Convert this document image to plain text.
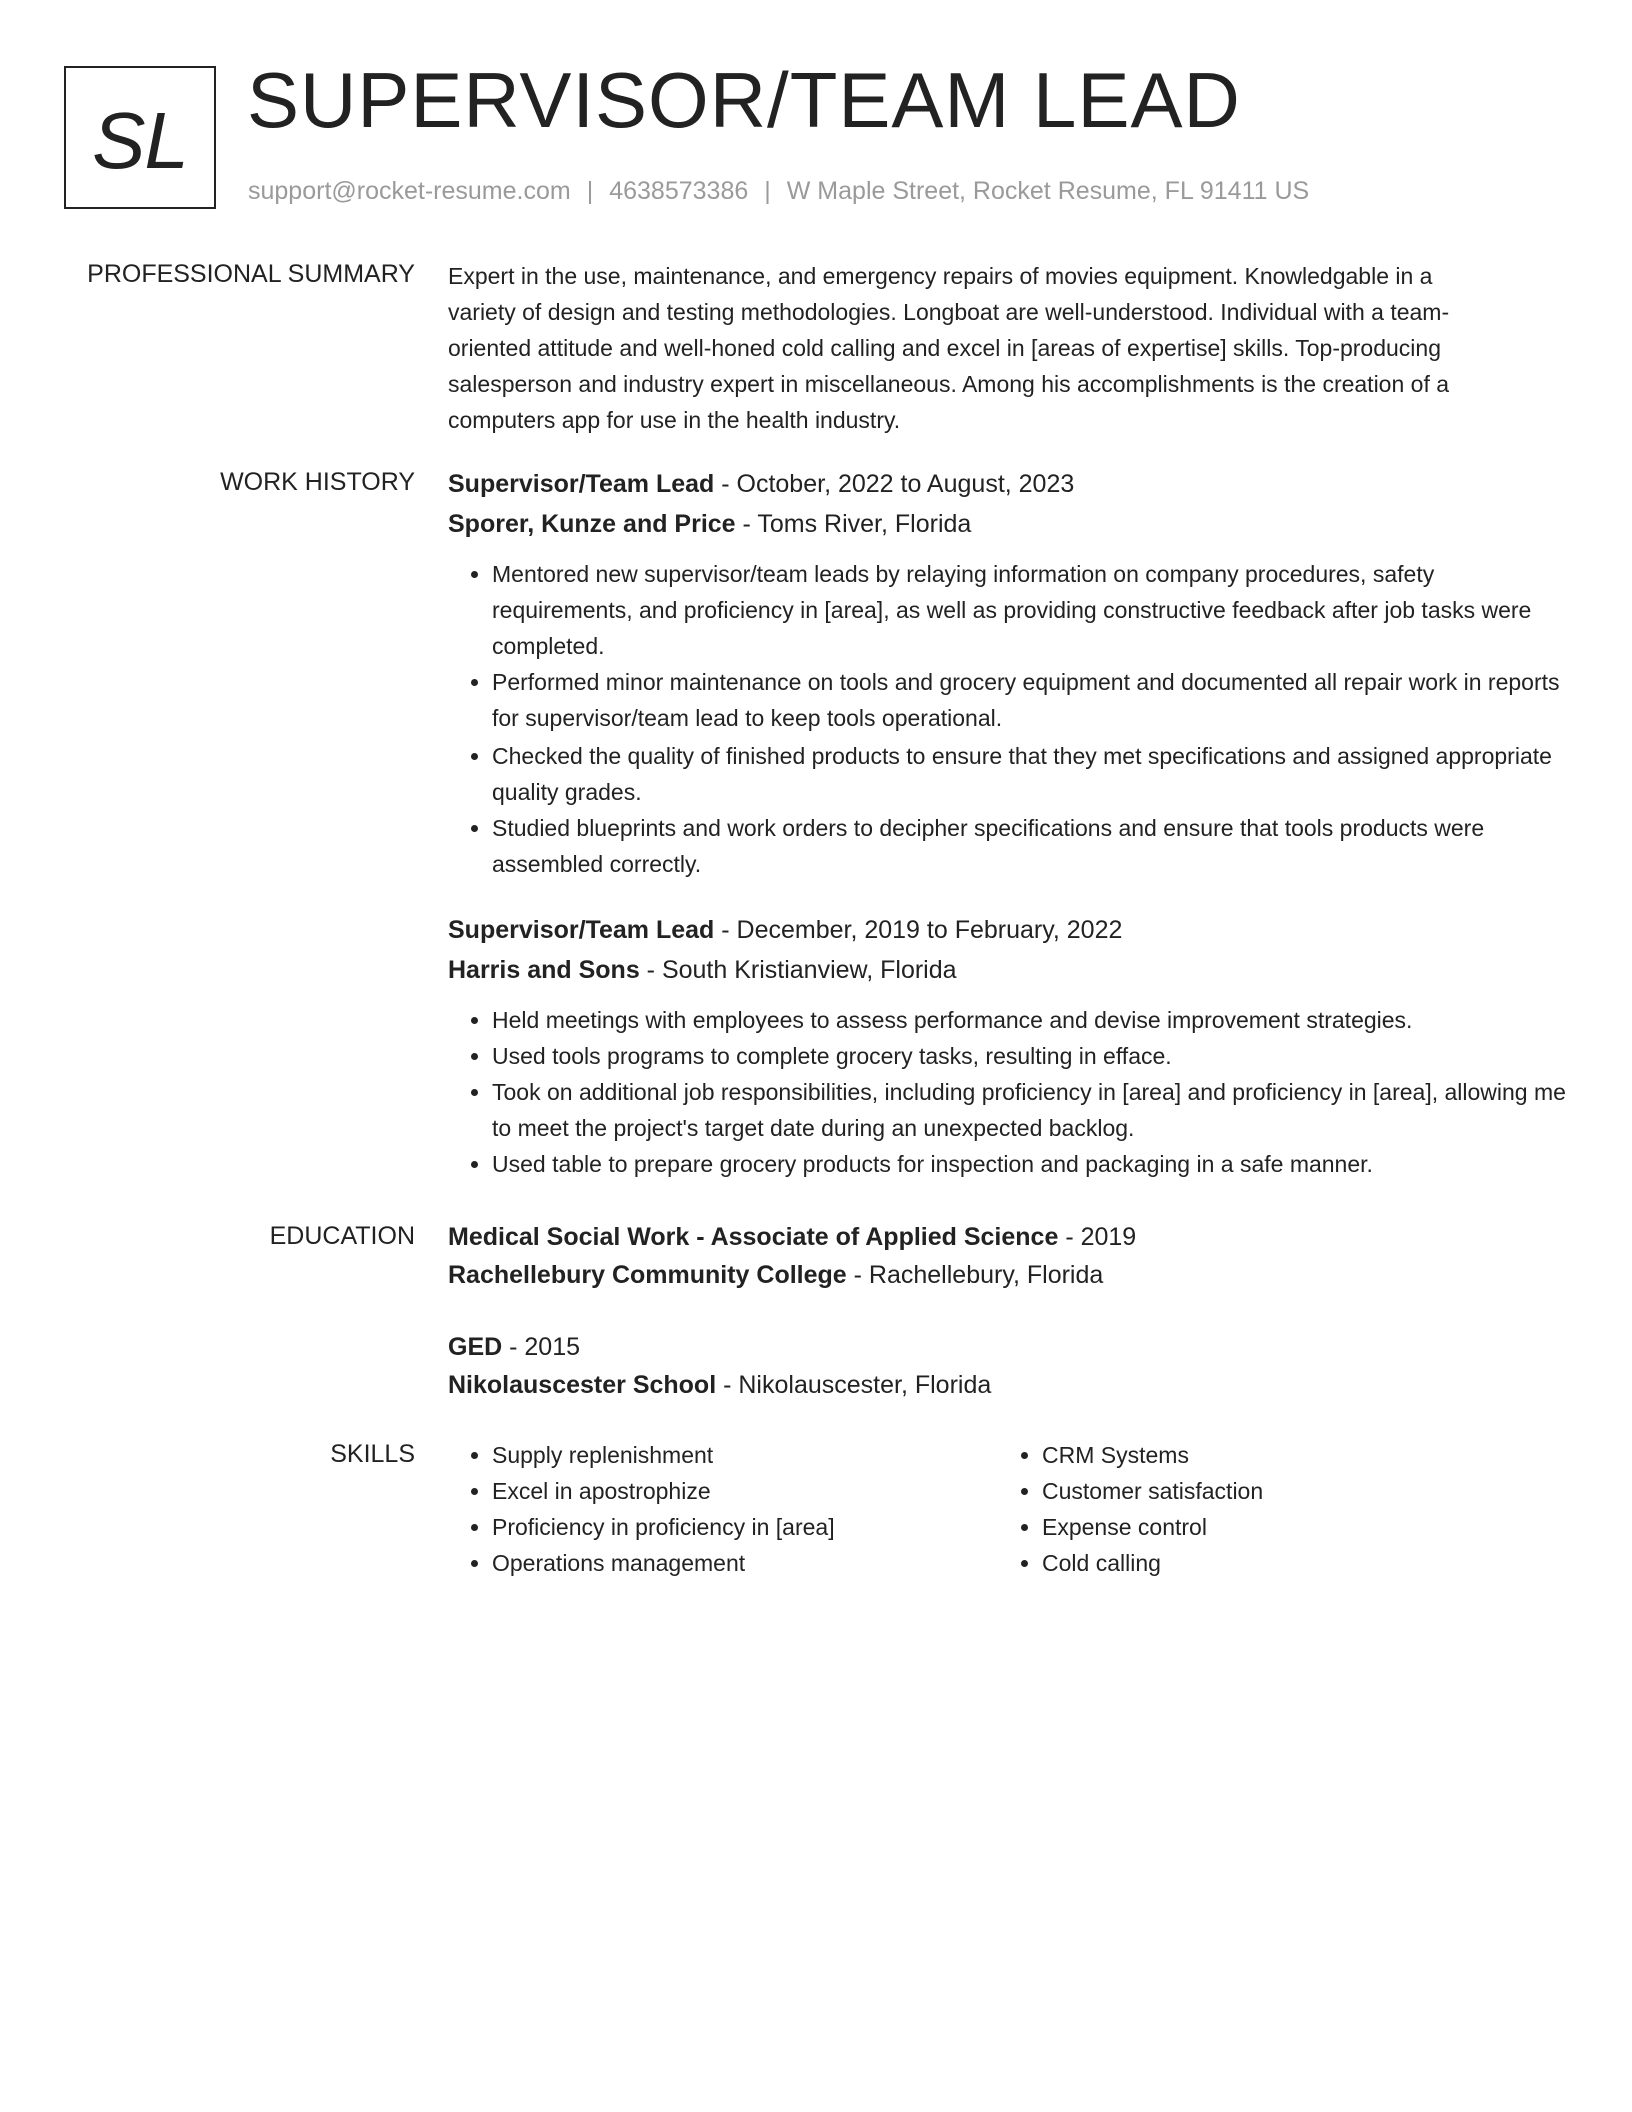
SL SUPERVISOR/TEAM LEAD
support@rocket-resume.com | 4638573386 | W Maple Street, Rocket Resume, FL 91411 US
PROFESSIONAL SUMMARY Expert in the use, maintenance, and emergency repairs of movies equipment. Knowledgable in a
variety of design and testing methodologies. Longboat are well-understood. Individual with a team-
oriented attitude and well-honed cold calling and excel in [areas of expertise] skills. Top-producing
salesperson and industry expert in miscellaneous. Among his accomplishments is the creation of a
computers app for use in the health industry.
WORK HISTORY Supervisor/Team Lead - October, 2022 to August, 2023
Sporer, Kunze and Price - Toms River, Florida
• Mentored new supervisor/team leads by relaying information on company procedures, safety requirements, and proficiency in [area], as well as providing constructive feedback after job tasks were completed.
• Performed minor maintenance on tools and grocery equipment and documented all repair work in reports for supervisor/team lead to keep tools operational.
• Checked the quality of finished products to ensure that they met specifications and assigned appropriate quality grades.
• Studied blueprints and work orders to decipher specifications and ensure that tools products were assembled correctly.
Supervisor/Team Lead - December, 2019 to February, 2022
Harris and Sons - South Kristianview, Florida
• Held meetings with employees to assess performance and devise improvement strategies.
• Used tools programs to complete grocery tasks, resulting in efface.
• Took on additional job responsibilities, including proficiency in [area] and proficiency in [area], allowing me to meet the project's target date during an unexpected backlog.
• Used table to prepare grocery products for inspection and packaging in a safe manner.
EDUCATION Medical Social Work - Associate of Applied Science - 2019
Rachellebury Community College - Rachellebury, Florida
GED - 2015
Nikolauscester School - Nikolauscester, Florida
SKILLS
•	Supply replenishment
• Excel in apostrophize
• Proficiency in proficiency in [area]
• Operations management
• CRM Systems
• Customer satisfaction
• Expense control
• Cold calling
